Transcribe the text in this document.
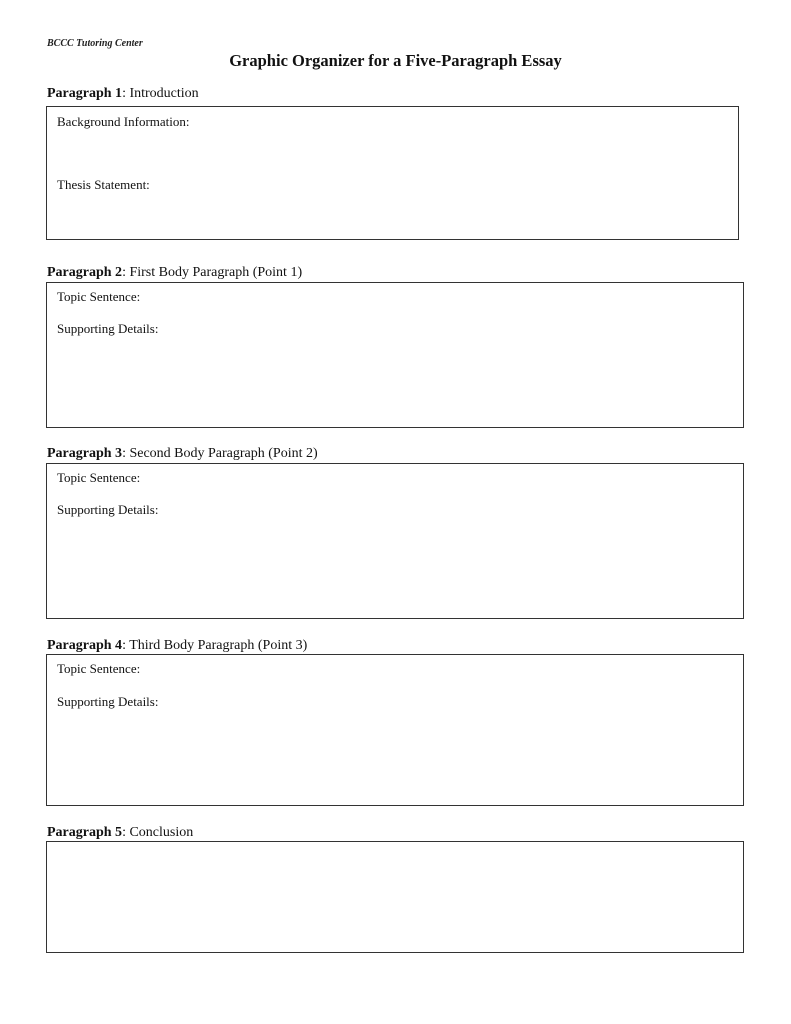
BCCC Tutoring Center
Graphic Organizer for a Five-Paragraph Essay
Paragraph 1: Introduction
Background Information:
Thesis Statement:
Paragraph 2: First Body Paragraph (Point 1)
Topic Sentence:
Supporting Details:
Paragraph 3: Second Body Paragraph (Point 2)
Topic Sentence:
Supporting Details:
Paragraph 4: Third Body Paragraph (Point 3)
Topic Sentence:
Supporting Details:
Paragraph 5: Conclusion
